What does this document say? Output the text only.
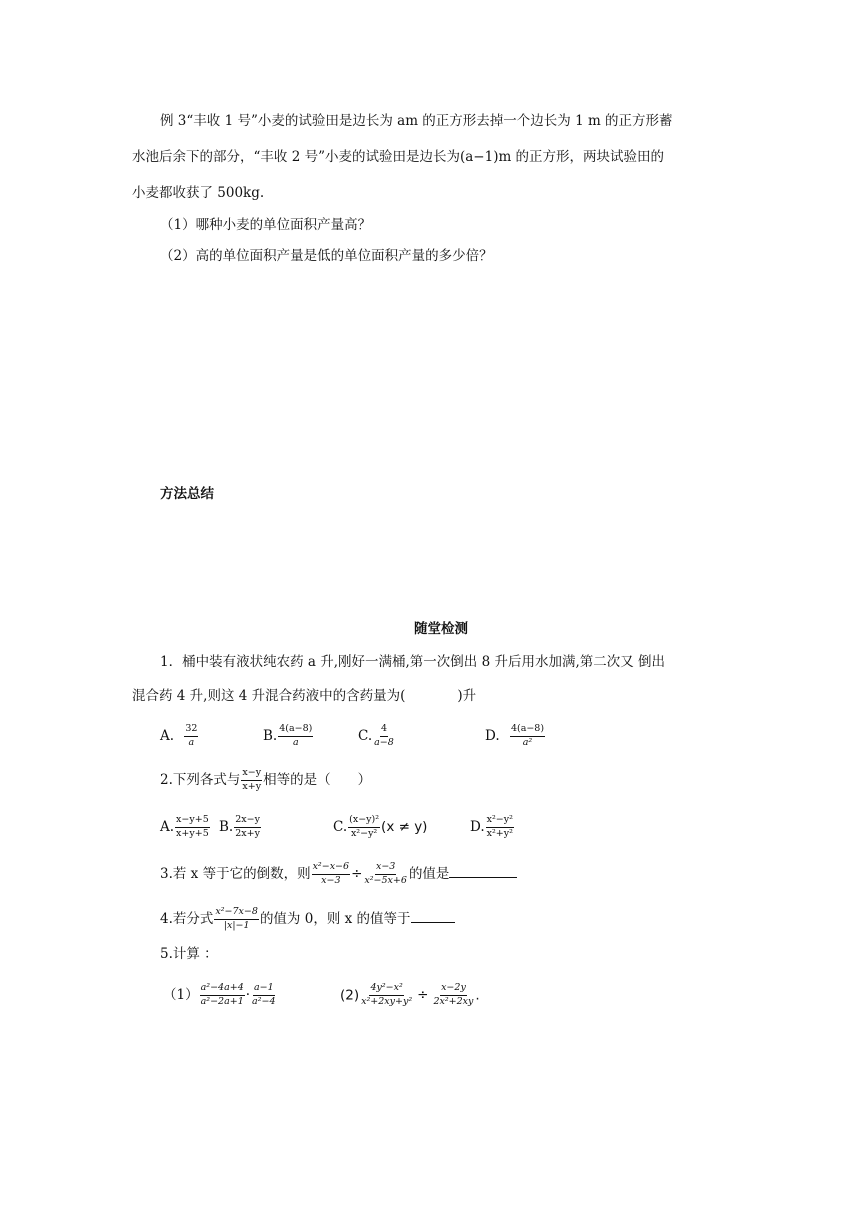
例 3“丰收 1 号”小麦的试验田是边长为 am 的正方形去掉一个边长为 1 m 的正方形蓄
水池后余下的部分，“丰收 2 号”小麦的试验田是边长为(a−1)m 的正方形，两块试验田的
小麦都收获了 500kg.
（1）哪种小麦的单位面积产量高？
（2）高的单位面积产量是低的单位面积产量的多少倍？
方法总结
随堂检测
1．桶中装有液状纯农药 a 升,刚好一满桶,第一次倒出 8 升后用水加满,第二次又 倒出
混合药 4 升,则这 4 升混合药液中的含药量为(	)升
A. $\frac{32}{a}$	B. $\frac{4(a-8)}{a}$	C. $\frac{4}{a-8}$	D. $\frac{4(a-8)}{\text{a²}}$
2.下列各式与 $\frac{x-y}{x+y}$ 相等的是（　　）
A. $\frac{x-y+5}{x+y+5} B$. $\frac{2x-y}{2x+y}$	C. $\frac{\text{(x−y)²}}{\text{x²−y²}} (x \ne y)$	D. $\frac{\text{x²−y²}}{\text{x²+y²}}$
3.若 x 等于它的倒数，则 $\frac{\text{x²−x−6}}{x-3} \div \frac{x-3}{\text{x²−5x+6}}$ 的值是
4.若分式 $\frac{\text{x²−7x−8}}{|x|-1}$ 的值为 0，则 x 的值等于
5.计算 ：
$(1) \frac{\text{a²−4a+4}}{\text{a²−2a+1}} \cdot \frac{a-1}{\text{a²−4}}$	$(2) \frac{\text{4y²−x²}}{\text{x²+2xy+y²}} \div \frac{x-2y}{\text{2x²+2xy}}$ .
